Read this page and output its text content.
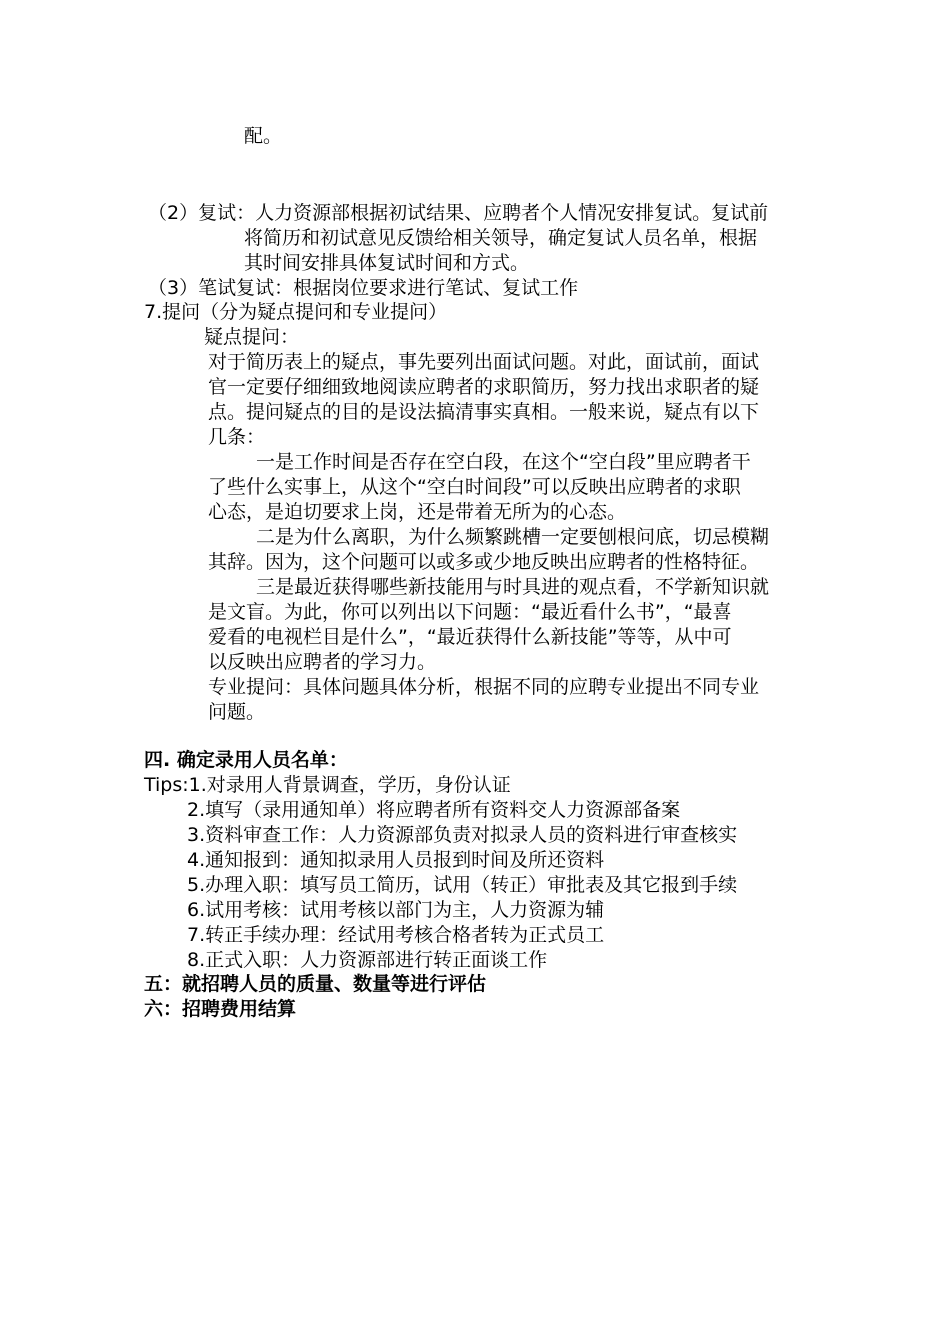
配。
（2）复试：人力资源部根据初试结果、应聘者个人情况安排复试。复试前
将简历和初试意见反馈给相关领导，确定复试人员名单，根据
其时间安排具体复试时间和方式。
（3）笔试复试：根据岗位要求进行笔试、复试工作
7.提问（分为疑点提问和专业提问）
疑点提问：
对于简历表上的疑点，事先要列出面试问题。对此，面试前，面试
官一定要仔细细致地阅读应聘者的求职简历，努力找出求职者的疑
点。提问疑点的目的是设法搞清事实真相。一般来说，疑点有以下
几条：
一是工作时间是否存在空白段，在这个“空白段”里应聘者干
了些什么实事上，从这个“空白时间段”可以反映出应聘者的求职
心态，是迫切要求上岗，还是带着无所为的心态。
二是为什么离职，为什么频繁跳槽一定要刨根问底，切忌模糊
其辞。因为，这个问题可以或多或少地反映出应聘者的性格特征。
三是最近获得哪些新技能用与时具进的观点看，不学新知识就
是文盲。为此，你可以列出以下问题：“最近看什么书”，“最喜
爱看的电视栏目是什么”，“最近获得什么新技能”等等，从中可
以反映出应聘者的学习力。
专业提问：具体问题具体分析，根据不同的应聘专业提出不同专业
问题。
四. 确定录用人员名单：
Tips:1.对录用人背景调查，学历，身份认证
2.填写（录用通知单）将应聘者所有资料交人力资源部备案
3.资料审查工作：人力资源部负责对拟录人员的资料进行审查核实
4.通知报到：通知拟录用人员报到时间及所还资料
5.办理入职：填写员工简历，试用（转正）审批表及其它报到手续
6.试用考核：试用考核以部门为主，人力资源为辅
7.转正手续办理：经试用考核合格者转为正式员工
8.正式入职：人力资源部进行转正面谈工作
五：就招聘人员的质量、数量等进行评估
六：招聘费用结算
